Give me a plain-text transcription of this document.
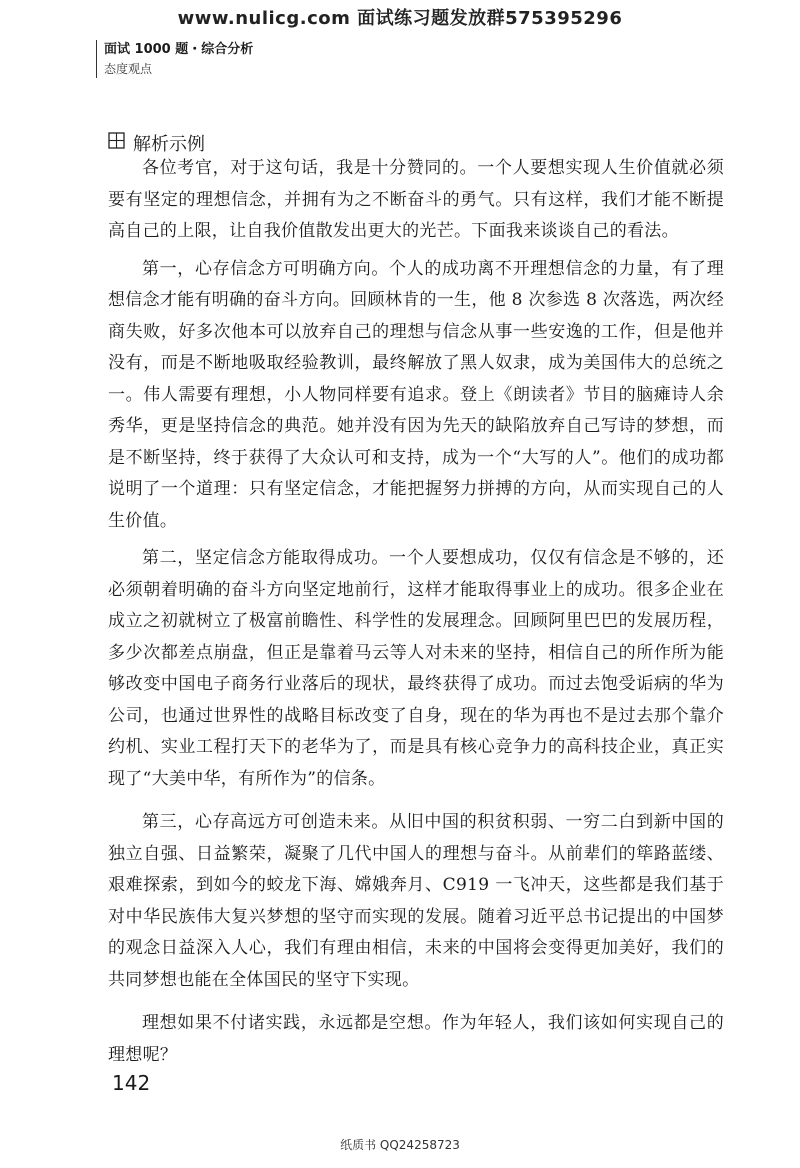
www.nulicg.com 面试练习题发放群575395296
面试 1000 题・综合分析
态度观点
解析示例

各位考官，对于这句话，我是十分赞同的。一个人要想实现人生价值就必须要有坚定的理想信念，并拥有为之不断奋斗的勇气。只有这样，我们才能不断提高自己的上限，让自我价值散发出更大的光芒。下面我来谈谈自己的看法。

第一，心存信念方可明确方向。个人的成功离不开理想信念的力量，有了理想信念才能有明确的奋斗方向。回顾林肯的一生，他 8 次参选 8 次落选，两次经商失败，好多次他本可以放弃自己的理想与信念从事一些安逸的工作，但是他并没有，而是不断地吸取经验教训，最终解放了黑人奴隶，成为美国伟大的总统之一。伟人需要有理想，小人物同样要有追求。登上《朗读者》节目的脑瘫诗人余秀华，更是坚持信念的典范。她并没有因为先天的缺陷放弃自己写诗的梦想，而是不断坚持，终于获得了大众认可和支持，成为一个“大写的人”。他们的成功都说明了一个道理：只有坚定信念，才能把握努力拼搏的方向，从而实现自己的人生价值。

第二，坚定信念方能取得成功。一个人要想成功，仅仅有信念是不够的，还必须朝着明确的奋斗方向坚定地前行，这样才能取得事业上的成功。很多企业在成立之初就树立了极富前瞻性、科学性的发展理念。回顾阿里巴巴的发展历程，多少次都差点崩盘，但正是靠着马云等人对未来的坚持，相信自己的所作所为能够改变中国电子商务行业落后的现状，最终获得了成功。而过去饱受诟病的华为公司，也通过世界性的战略目标改变了自身，现在的华为再也不是过去那个靠介约机、实业工程打天下的老华为了，而是具有核心竞争力的高科技企业，真正实现了“大美中华，有所作为”的信条。

第三，心存高远方可创造未来。从旧中国的积贫积弱、一穷二白到新中国的独立自强、日益繁荣，凝聚了几代中国人的理想与奋斗。从前辈们的筚路蓝缕、艰难探索，到如今的蛟龙下海、嫦娥奔月、C919 一飞冲天，这些都是我们基于对中华民族伟大复兴梦想的坚守而实现的发展。随着习近平总书记提出的中国梦的观念日益深入人心，我们有理由相信，未来的中国将会变得更加美好，我们的共同梦想也能在全体国民的坚守下实现。

理想如果不付诸实践，永远都是空想。作为年轻人，我们该如何实现自己的理想呢？

142
纸质书 QQ24258723
